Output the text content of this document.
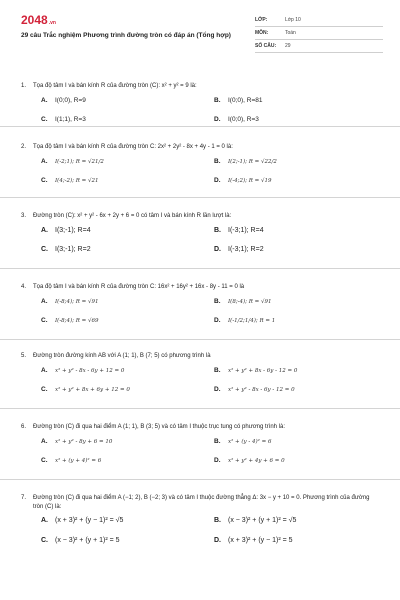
2048.vn
29 câu Trắc nghiệm Phương trình đường tròn có đáp án (Tổng hợp)
LỚP:	Lớp 10
MÔN:	Toán
SỐ CÂU:	29
1.	Tọa độ tâm I và bán kính R của đường tròn (C): x² + y² = 9 là:
A.	I(0;0), R=9	B.	I(0;0), R=81
C.	I(1;1), R=3	D.	I(0;0), R=3
2.	Tọa độ tâm I và bán kính R của đường tròn C: 2x² + 2y² - 8x + 4y - 1 = 0 là:
A.	I(-2;1); R = √21/2	B.	I(2;-1); R = √22/2
C.	I(4;-2); R = √21	D.	I(-4;2); R = √19
3.	Đường tròn (C): x² + y² - 6x + 2y + 6 = 0 có tâm I và bán kính R lần lượt là:
A.	I(3;-1); R=4	B.	I(-3;1); R=4
C.	I(3;-1); R=2	D.	I(-3;1); R=2
4.	Tọa độ tâm I và bán kính R của đường tròn C: 16x² + 16y² + 16x - 8y - 11 = 0 là
A.	I(-8;4); R = √91	B.	I(8;-4); R = √91
C.	I(-8;4); R = √69	D.	I(-1/2;1/4); R = 1
5.	Đường tròn đường kính AB với A (1; 1), B (7; 5) có phương trình là
A.	x² + y² - 8x - 6y + 12 = 0	B.	x² + y² + 8x - 6y - 12 = 0
C.	x² + y² + 8x + 6y + 12 = 0	D.	x² + y² - 8x - 6y - 12 = 0
6.	Đường tròn (C) đi qua hai điểm A (1; 1), B (3; 5) và có tâm I thuộc trục tung có phương trình là:
A.	x² + y² - 8y + 6 = 10	B.	x² + (y - 4)² = 6
C.	x² + (y + 4)² = 6	D.	x² + y² + 4y + 6 = 0
7.	Đường tròn (C) đi qua hai điểm A (−1; 2), B (−2; 3) và có tâm I thuộc đường thẳng Δ: 3x − y + 10 = 0. Phương trình của đường tròn (C) là:
A.	(x + 3)² + (y − 1)² = √5	B.	(x − 3)² + (y + 1)² = √5
C.	(x − 3)² + (y + 1)² = 5	D.	(x + 3)² + (y − 1)² = 5
